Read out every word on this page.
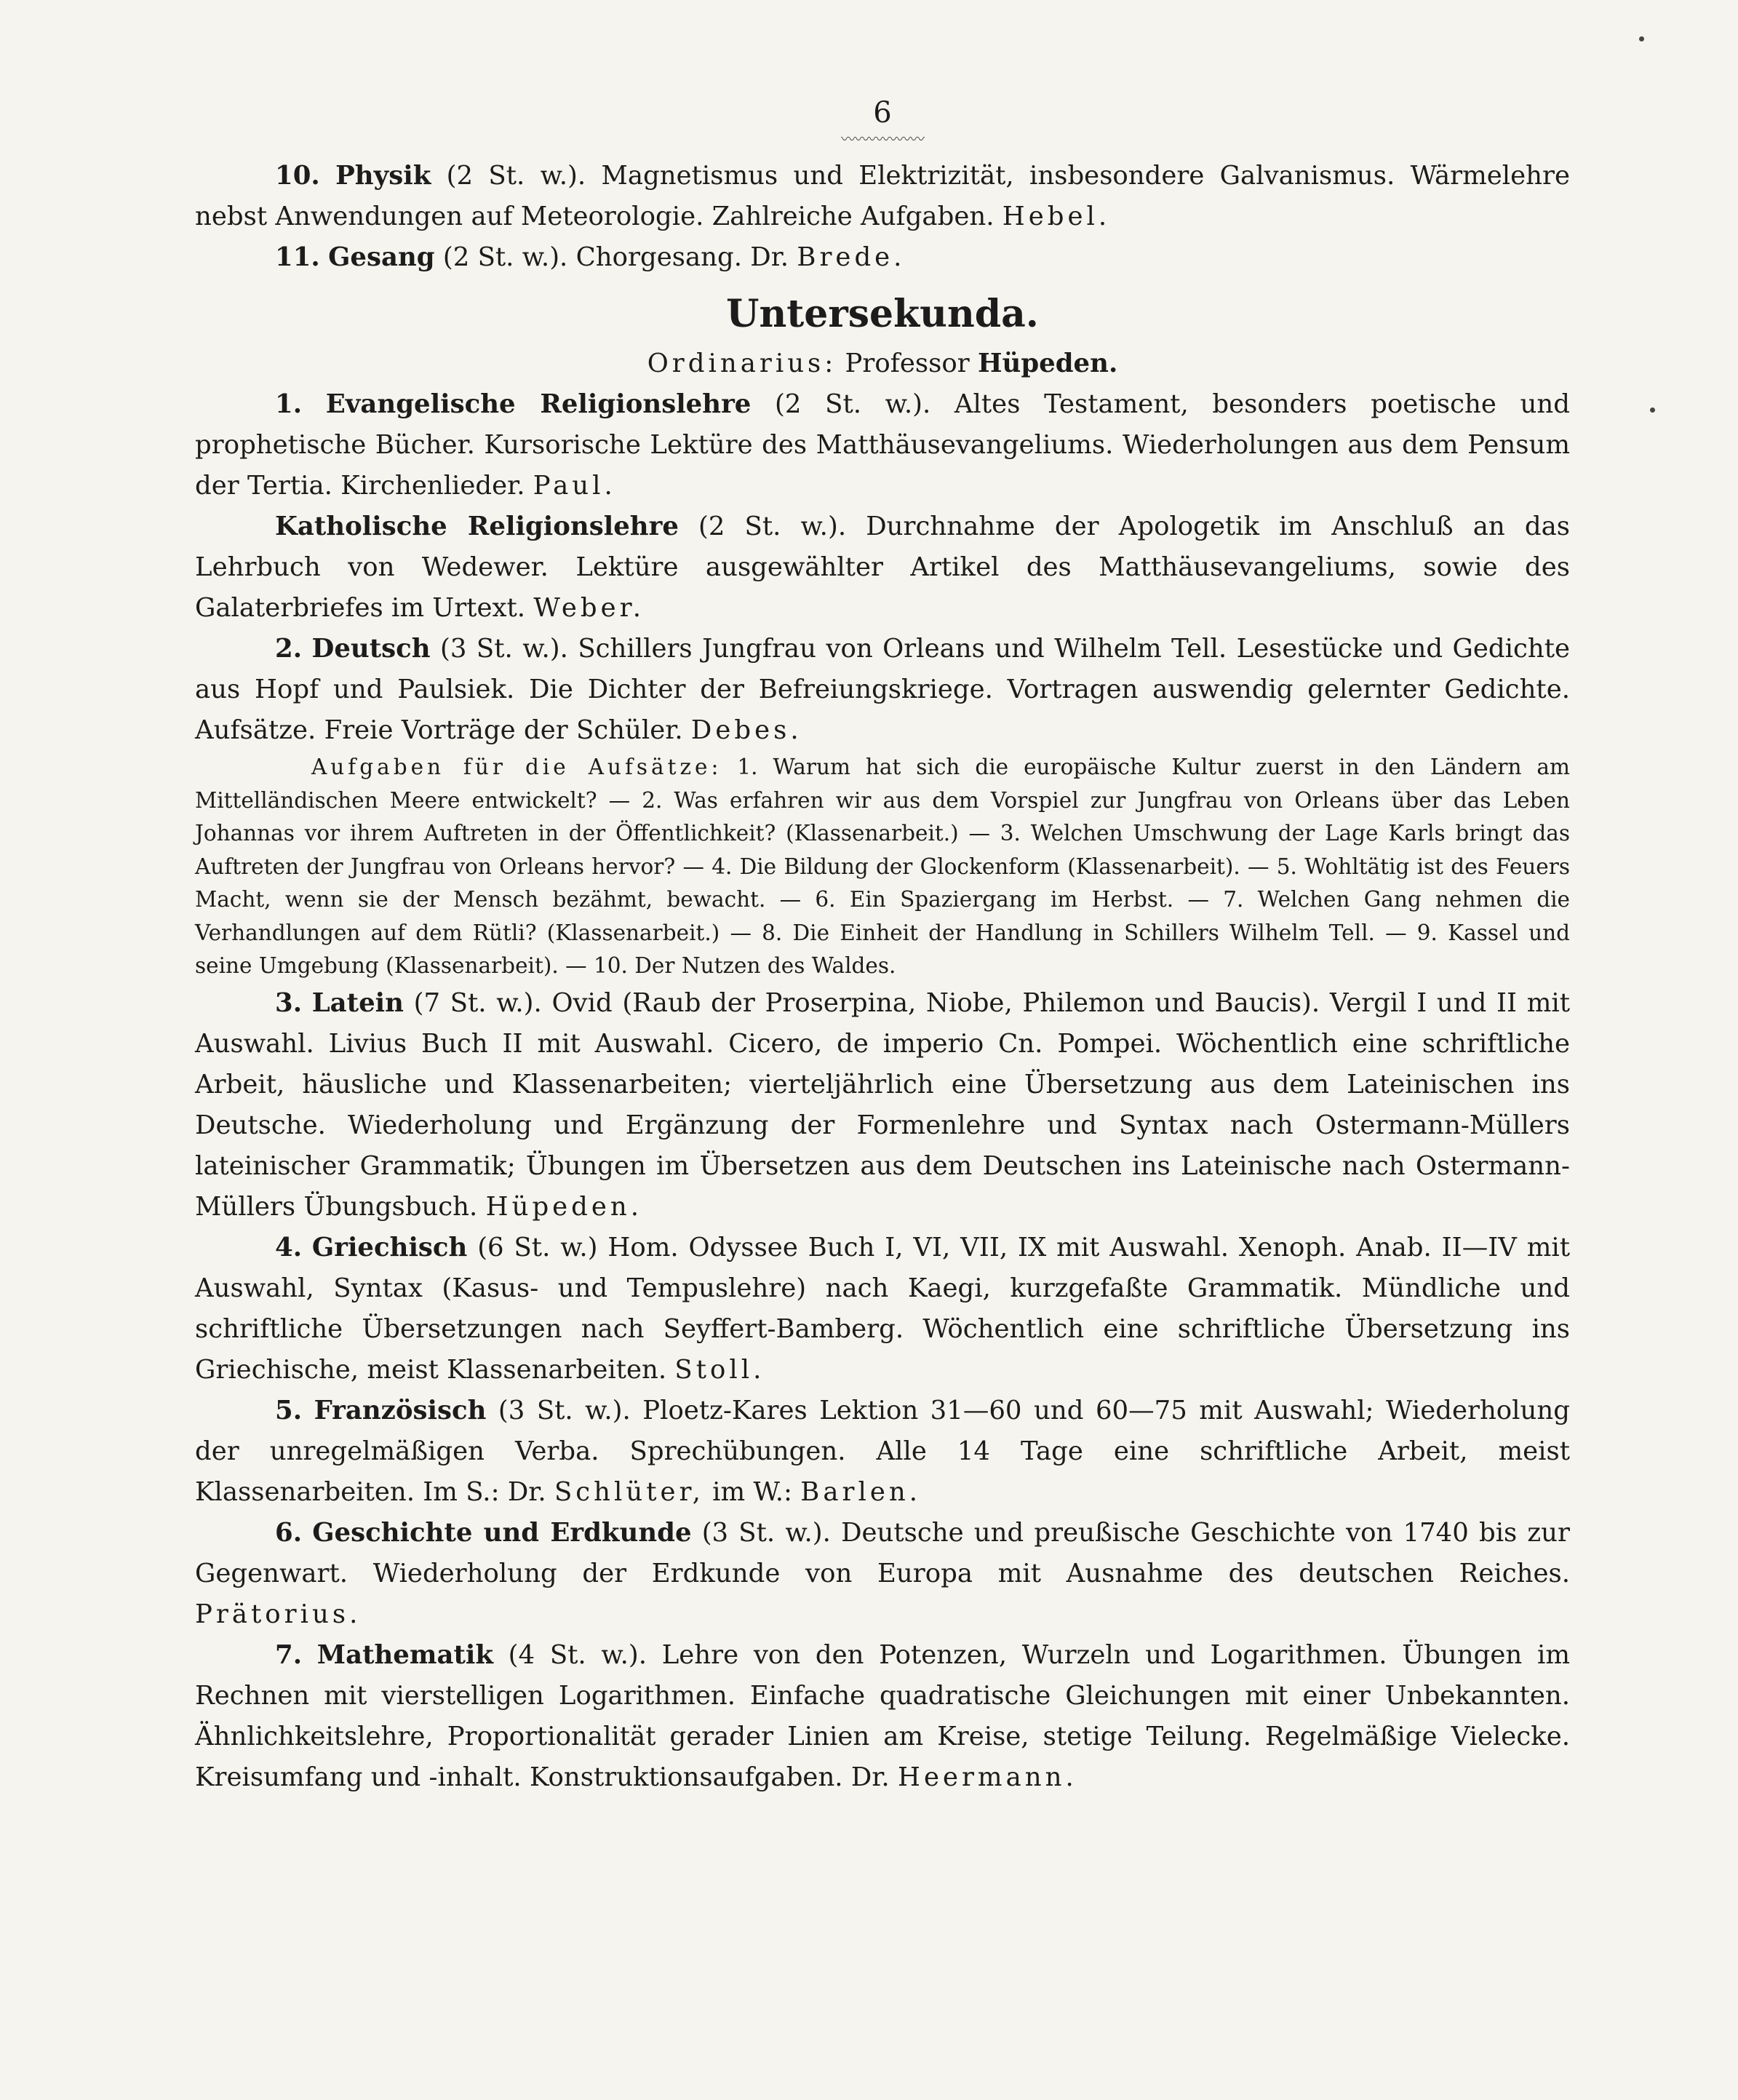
6
〰〰〰〰〰〰

10. Physik (2 St. w.). Magnetismus und Elektrizität, insbesondere Galvanismus. Wärmelehre nebst Anwendungen auf Meteorologie. Zahlreiche Aufgaben. Hebel.

11. Gesang (2 St. w.). Chorgesang. Dr. Brede.

Untersekunda.

Ordinarius: Professor Hüpeden.

1. Evangelische Religionslehre (2 St. w.). Altes Testament, besonders poetische und prophetische Bücher. Kursorische Lektüre des Matthäusevangeliums. Wiederholungen aus dem Pensum der Tertia. Kirchenlieder. Paul.

Katholische Religionslehre (2 St. w.). Durchnahme der Apologetik im Anschluß an das Lehrbuch von Wedewer. Lektüre ausgewählter Artikel des Matthäusevangeliums, sowie des Galaterbriefes im Urtext. Weber.

2. Deutsch (3 St. w.). Schillers Jungfrau von Orleans und Wilhelm Tell. Lesestücke und Gedichte aus Hopf und Paulsiek. Die Dichter der Befreiungskriege. Vortragen auswendig gelernter Gedichte. Aufsätze. Freie Vorträge der Schüler. Debes.

Aufgaben für die Aufsätze: 1. Warum hat sich die europäische Kultur zuerst in den Ländern am Mittelländischen Meere entwickelt? — 2. Was erfahren wir aus dem Vorspiel zur Jungfrau von Orleans über das Leben Johannas vor ihrem Auftreten in der Öffentlichkeit? (Klassenarbeit.) — 3. Welchen Umschwung der Lage Karls bringt das Auftreten der Jungfrau von Orleans hervor? — 4. Die Bildung der Glockenform (Klassenarbeit). — 5. Wohltätig ist des Feuers Macht, wenn sie der Mensch bezähmt, bewacht. — 6. Ein Spaziergang im Herbst. — 7. Welchen Gang nehmen die Verhandlungen auf dem Rütli? (Klassenarbeit.) — 8. Die Einheit der Handlung in Schillers Wilhelm Tell. — 9. Kassel und seine Umgebung (Klassenarbeit). — 10. Der Nutzen des Waldes.

3. Latein (7 St. w.). Ovid (Raub der Proserpina, Niobe, Philemon und Baucis). Vergil I und II mit Auswahl. Livius Buch II mit Auswahl. Cicero, de imperio Cn. Pompei. Wöchentlich eine schriftliche Arbeit, häusliche und Klassenarbeiten; vierteljährlich eine Übersetzung aus dem Lateinischen ins Deutsche. Wiederholung und Ergänzung der Formenlehre und Syntax nach Ostermann-Müllers lateinischer Grammatik; Übungen im Übersetzen aus dem Deutschen ins Lateinische nach Ostermann-Müllers Übungsbuch. Hüpeden.

4. Griechisch (6 St. w.) Hom. Odyssee Buch I, VI, VII, IX mit Auswahl. Xenoph. Anab. II—IV mit Auswahl, Syntax (Kasus- und Tempuslehre) nach Kaegi, kurzgefaßte Grammatik. Mündliche und schriftliche Übersetzungen nach Seyffert-Bamberg. Wöchentlich eine schriftliche Übersetzung ins Griechische, meist Klassenarbeiten. Stoll.

5. Französisch (3 St. w.). Ploetz-Kares Lektion 31—60 und 60—75 mit Auswahl; Wiederholung der unregelmäßigen Verba. Sprechübungen. Alle 14 Tage eine schriftliche Arbeit, meist Klassenarbeiten. Im S.: Dr. Schlüter, im W.: Barlen.

6. Geschichte und Erdkunde (3 St. w.). Deutsche und preußische Geschichte von 1740 bis zur Gegenwart. Wiederholung der Erdkunde von Europa mit Ausnahme des deutschen Reiches. Prätorius.

7. Mathematik (4 St. w.). Lehre von den Potenzen, Wurzeln und Logarithmen. Übungen im Rechnen mit vierstelligen Logarithmen. Einfache quadratische Gleichungen mit einer Unbekannten. Ähnlichkeitslehre, Proportionalität gerader Linien am Kreise, stetige Teilung. Regelmäßige Vielecke. Kreisumfang und -inhalt. Konstruktionsaufgaben. Dr. Heermann.
